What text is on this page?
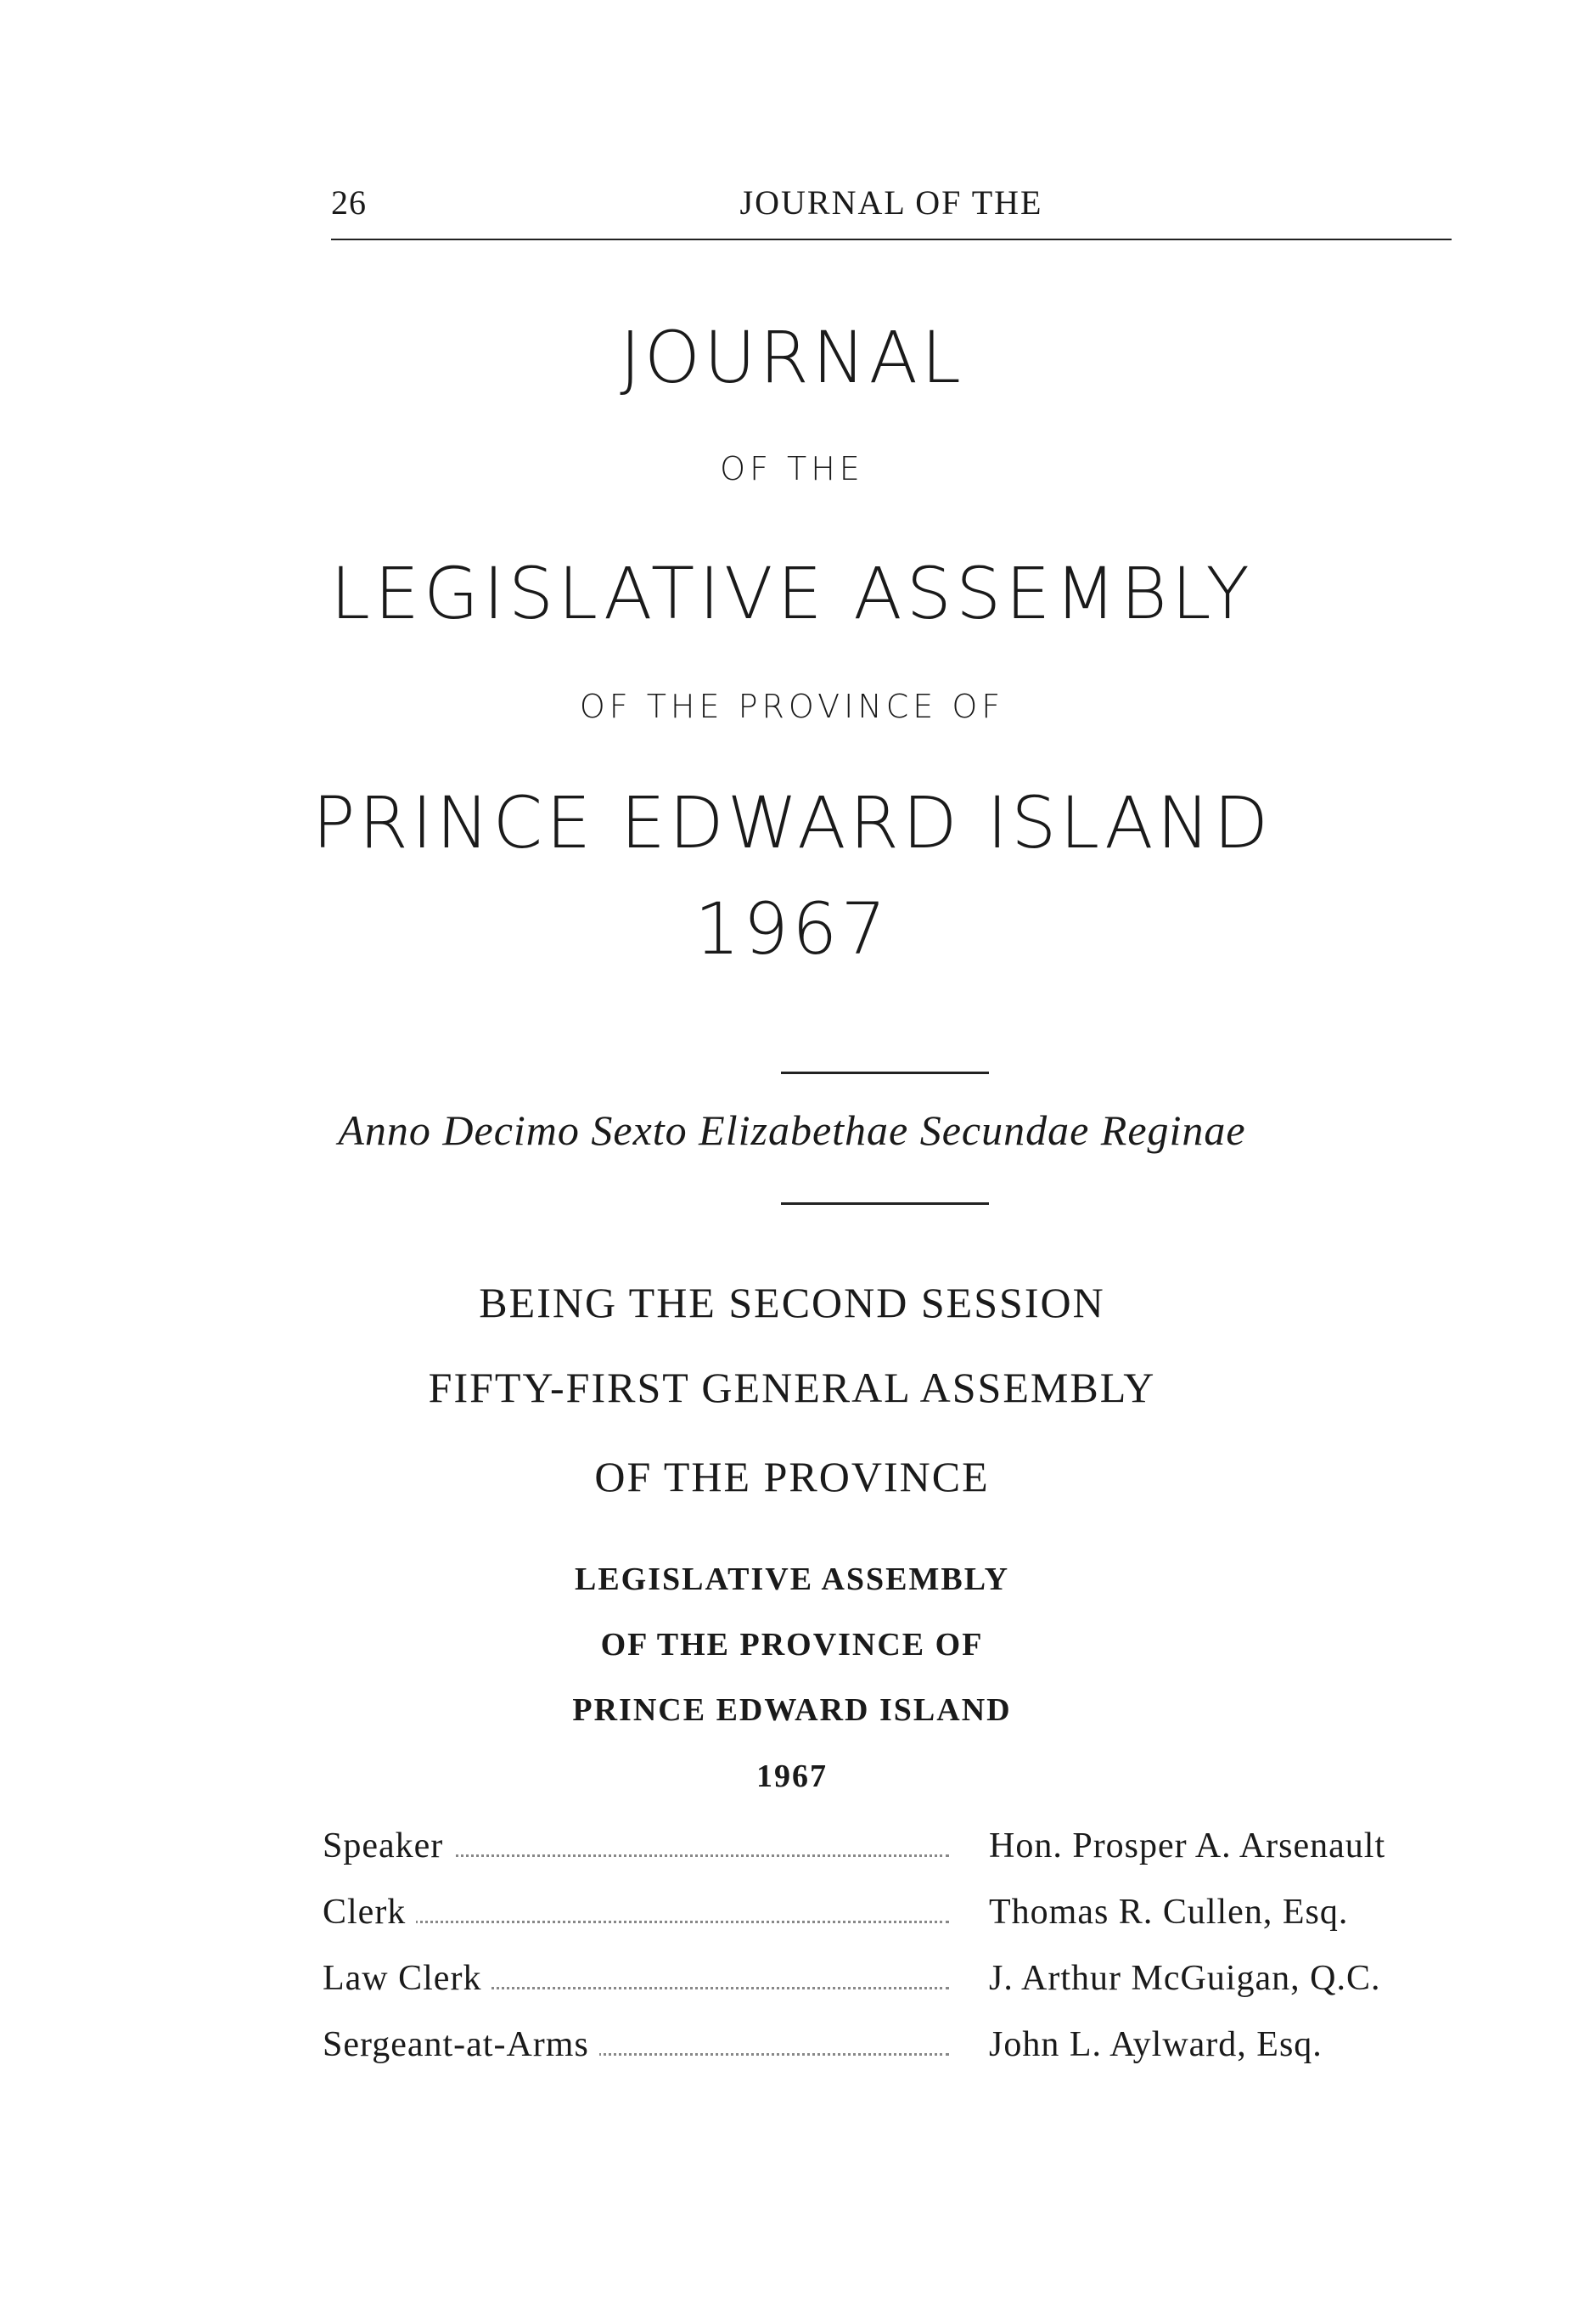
26	JOURNAL OF THE
JOURNAL
OF THE
LEGISLATIVE ASSEMBLY
OF THE PROVINCE OF
PRINCE EDWARD ISLAND
1967
Anno Decimo Sexto Elizabethae Secundae Reginae
BEING THE SECOND SESSION
FIFTY-FIRST GENERAL ASSEMBLY
OF THE PROVINCE
LEGISLATIVE ASSEMBLY
OF THE PROVINCE OF
PRINCE EDWARD ISLAND
1967
Speaker	Hon. Prosper A. Arsenault
Clerk	Thomas R. Cullen, Esq.
Law Clerk	J. Arthur McGuigan, Q.C.
Sergeant-at-Arms	John L. Aylward, Esq.
